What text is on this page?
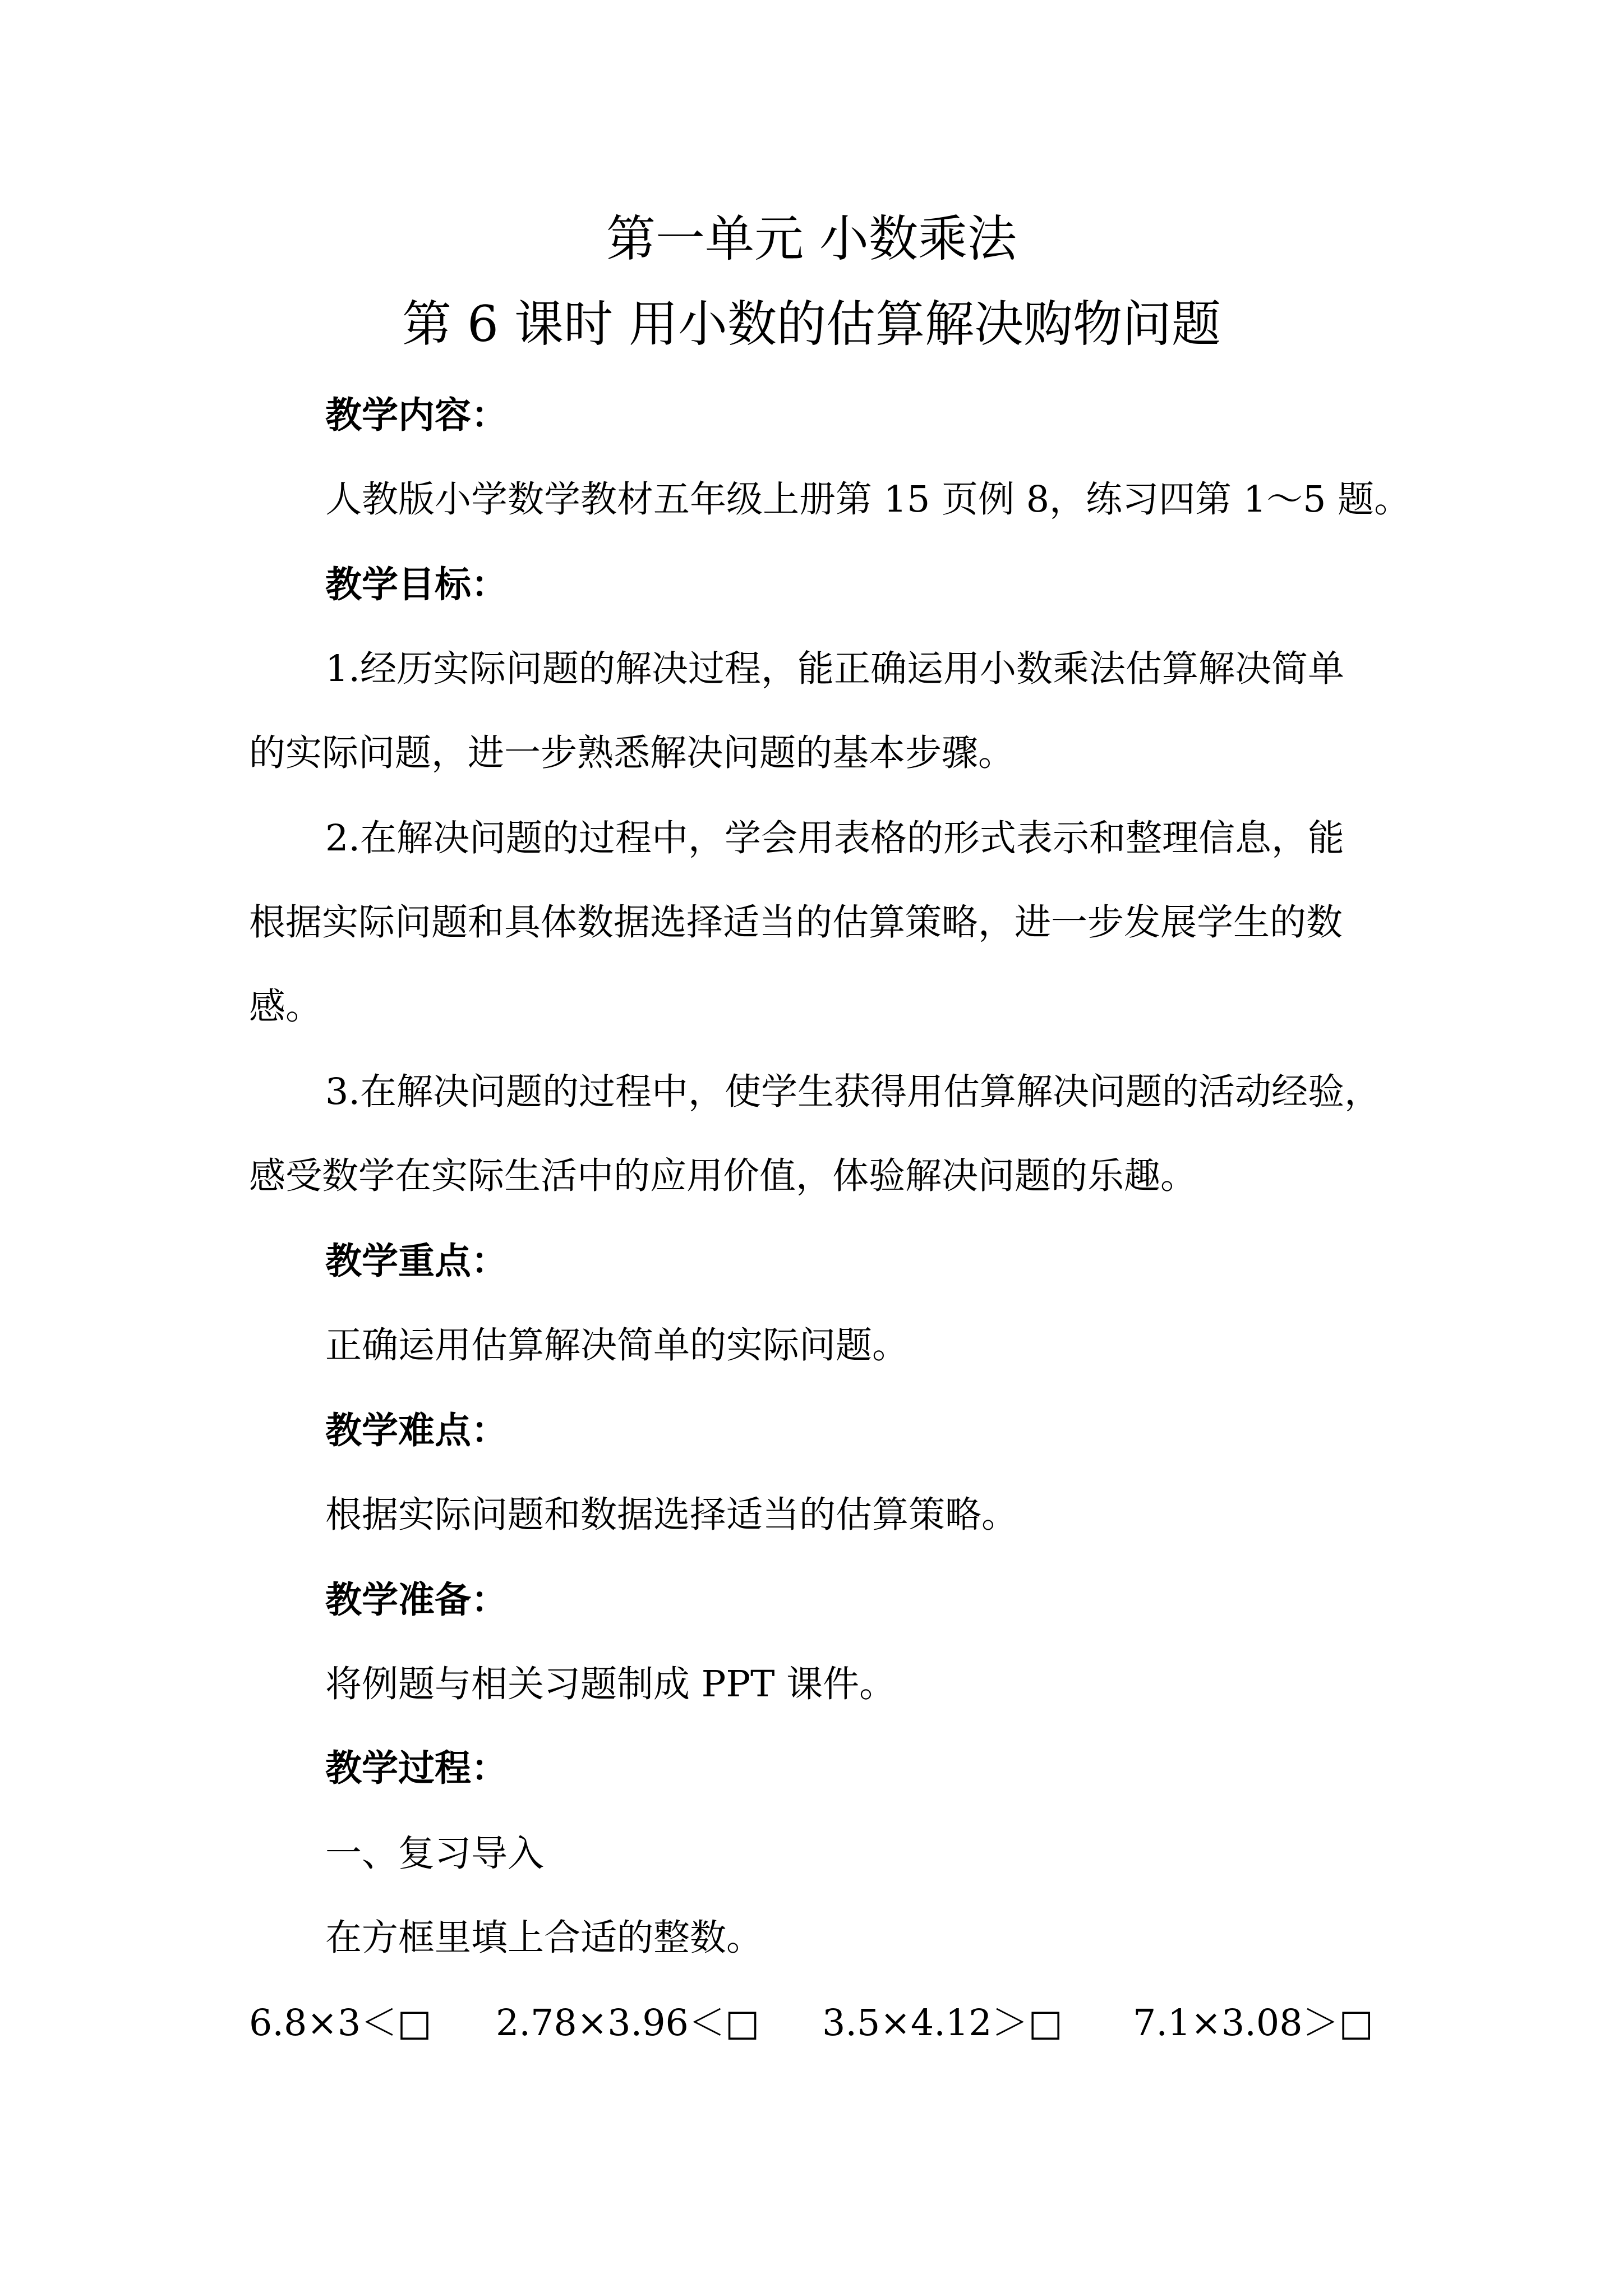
第一单元 小数乘法
第 6 课时 用小数的估算解决购物问题

教学内容：

人教版小学数学教材五年级上册第 15 页例 8，练习四第 1～5 题。

教学目标：

1.经历实际问题的解决过程，能正确运用小数乘法估算解决简单

的实际问题，进一步熟悉解决问题的基本步骤。

2.在解决问题的过程中，学会用表格的形式表示和整理信息，能

根据实际问题和具体数据选择适当的估算策略，进一步发展学生的数

感。

3.在解决问题的过程中，使学生获得用估算解决问题的活动经验，

感受数学在实际生活中的应用价值，体验解决问题的乐趣。

教学重点：

正确运用估算解决简单的实际问题。

教学难点：

根据实际问题和数据选择适当的估算策略。

教学准备：

将例题与相关习题制成 PPT 课件。

教学过程：

一、复习导入

在方框里填上合适的整数。

6.8×3＜□ 2.78×3.96＜□ 3.5×4.12＞□ 7.1×3.08＞□
